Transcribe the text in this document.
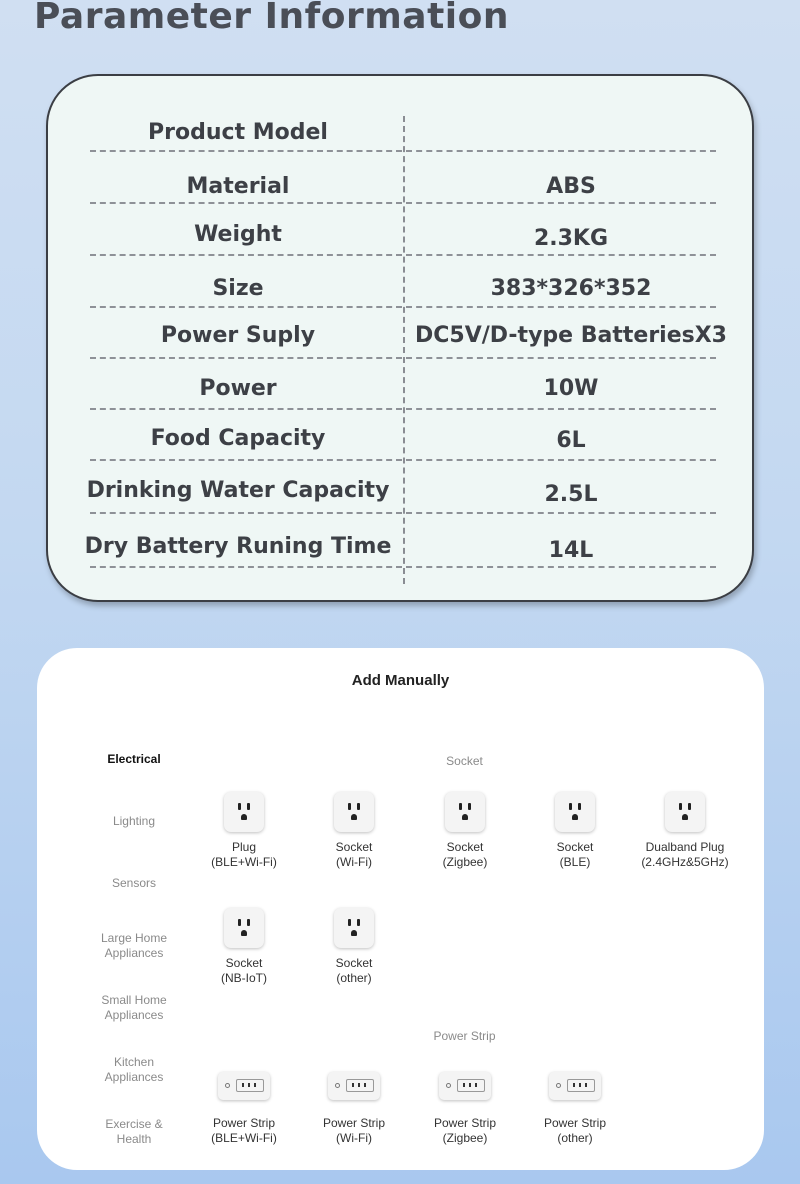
Parameter Information
Product Model
Material	ABS
Weight	2.3KG
Size	383*326*352
Power Suply	DC5V/D-type BatteriesX3
Power	10W
Food Capacity	6L
Drinking Water Capacity	2.5L
Dry Battery Runing Time	14L
Add Manually
Electrical
Lighting
Sensors
Large Home
Appliances
Small Home
Appliances
Kitchen
Appliances
Exercise &
Health
Socket
Power Strip
Plug
(BLE+Wi-Fi)
Socket
(Wi-Fi)
Socket
(Zigbee)
Socket
(BLE)
Dualband Plug
(2.4GHz&5GHz)
Socket
(NB-IoT)
Socket
(other)
Power Strip
(BLE+Wi-Fi)
Power Strip
(Wi-Fi)
Power Strip
(Zigbee)
Power Strip
(other)
